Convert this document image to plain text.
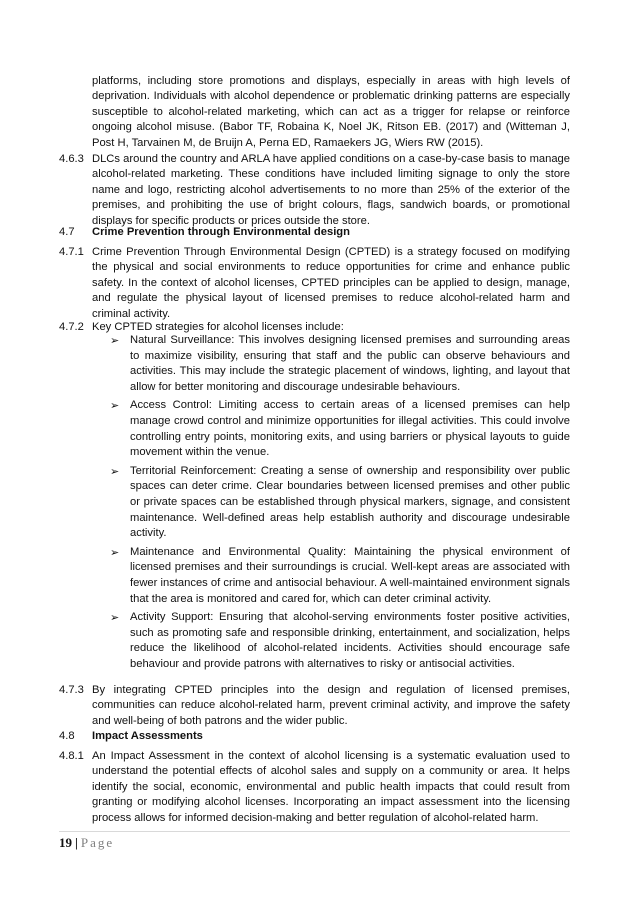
platforms, including store promotions and displays, especially in areas with high levels of deprivation. Individuals with alcohol dependence or problematic drinking patterns are especially susceptible to alcohol-related marketing, which can act as a trigger for relapse or reinforce ongoing alcohol misuse. (Babor TF, Robaina K, Noel JK, Ritson EB. (2017) and (Witteman J, Post H, Tarvainen M, de Bruijn A, Perna ED, Ramaekers JG, Wiers RW (2015).
4.6.3 DLCs around the country and ARLA have applied conditions on a case-by-case basis to manage alcohol-related marketing. These conditions have included limiting signage to only the store name and logo, restricting alcohol advertisements to no more than 25% of the exterior of the premises, and prohibiting the use of bright colours, flags, sandwich boards, or promotional displays for specific products or prices outside the store.
4.7 Crime Prevention through Environmental design
4.7.1 Crime Prevention Through Environmental Design (CPTED) is a strategy focused on modifying the physical and social environments to reduce opportunities for crime and enhance public safety. In the context of alcohol licenses, CPTED principles can be applied to design, manage, and regulate the physical layout of licensed premises to reduce alcohol-related harm and criminal activity.
4.7.2 Key CPTED strategies for alcohol licenses include:
➢ Natural Surveillance: This involves designing licensed premises and surrounding areas to maximize visibility, ensuring that staff and the public can observe behaviours and activities. This may include the strategic placement of windows, lighting, and layout that allow for better monitoring and discourage undesirable behaviours.
➢ Access Control: Limiting access to certain areas of a licensed premises can help manage crowd control and minimize opportunities for illegal activities. This could involve controlling entry points, monitoring exits, and using barriers or physical layouts to guide movement within the venue.
➢ Territorial Reinforcement: Creating a sense of ownership and responsibility over public spaces can deter crime. Clear boundaries between licensed premises and other public or private spaces can be established through physical markers, signage, and consistent maintenance. Well-defined areas help establish authority and discourage undesirable activity.
➢ Maintenance and Environmental Quality: Maintaining the physical environment of licensed premises and their surroundings is crucial. Well-kept areas are associated with fewer instances of crime and antisocial behaviour. A well-maintained environment signals that the area is monitored and cared for, which can deter criminal activity.
➢ Activity Support: Ensuring that alcohol-serving environments foster positive activities, such as promoting safe and responsible drinking, entertainment, and socialization, helps reduce the likelihood of alcohol-related incidents. Activities should encourage safe behaviour and provide patrons with alternatives to risky or antisocial activities.
4.7.3 By integrating CPTED principles into the design and regulation of licensed premises, communities can reduce alcohol-related harm, prevent criminal activity, and improve the safety and well-being of both patrons and the wider public.
4.8 Impact Assessments
4.8.1 An Impact Assessment in the context of alcohol licensing is a systematic evaluation used to understand the potential effects of alcohol sales and supply on a community or area. It helps identify the social, economic, environmental and public health impacts that could result from granting or modifying alcohol licenses. Incorporating an impact assessment into the licensing process allows for informed decision-making and better regulation of alcohol-related harm.
19 | Page
